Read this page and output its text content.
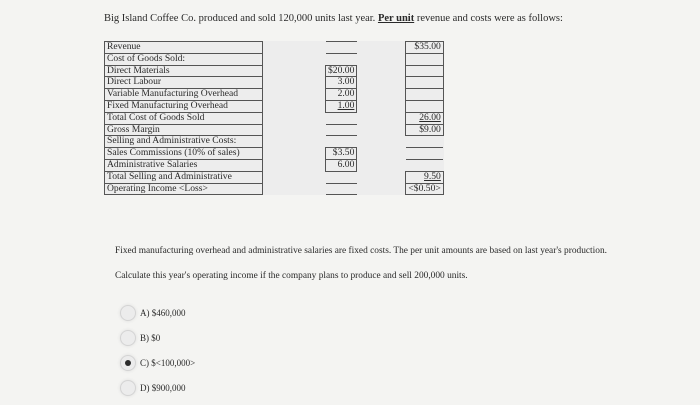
Big Island Coffee Co. produced and sold 120,000 units last year. Per unit revenue and costs were as follows:
Revenue				$35.00
Cost of Goods Sold:				
Direct Materials		$20.00		
Direct Labour		3.00		
Variable Manufacturing Overhead		2.00		
Fixed Manufacturing Overhead		1.00		
Total Cost of Goods Sold				26.00
Gross Margin				$9.00
Selling and Administrative Costs:				
Sales Commissions (10% of sales)		$3.50		
Administrative Salaries		6.00		
Total Selling and Administrative				9.50
Operating Income <Loss>				<$0.50>
Fixed manufacturing overhead and administrative salaries are fixed costs. The per unit amounts are based on last year's production.
Calculate this year's operating income if the company plans to produce and sell 200,000 units.
A) $460,000
B) $0
C) $<100,000>
D) $900,000
